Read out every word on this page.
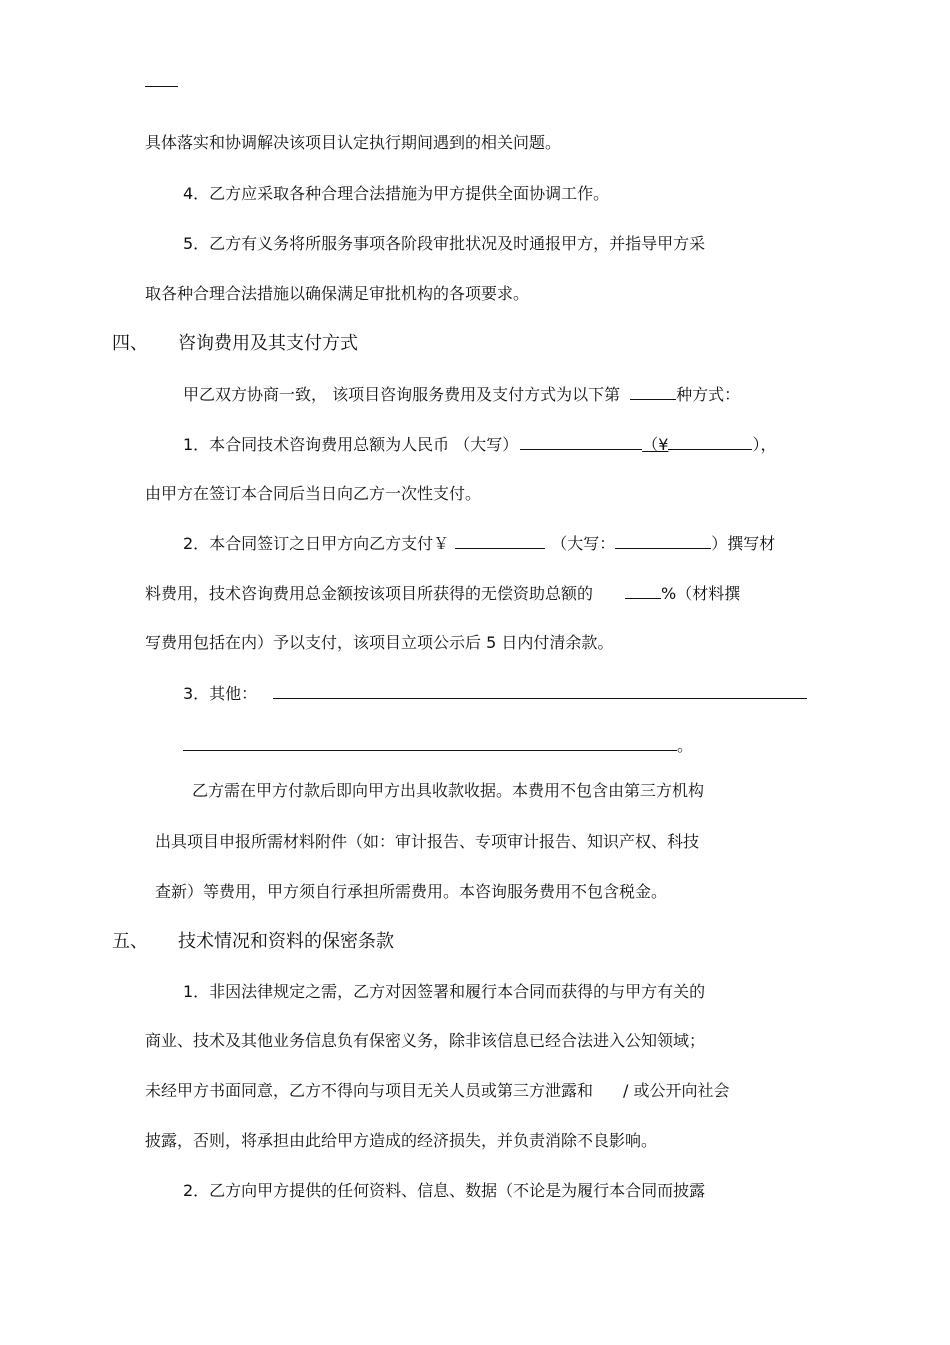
具体落实和协调解决该项目认定执行期间遇到的相关问题。
4．乙方应采取各种合理合法措施为甲方提供全面协调工作。
5．乙方有义务将所服务事项各阶段审批状况及时通报甲方，并指导甲方采
取各种合理合法措施以确保满足审批机构的各项要求。
四、 咨询费用及其支付方式
甲乙双方协商一致， 该项目咨询服务费用及支付方式为以下第	种方式：
1．本合同技术咨询费用总额为人民币 （大写）	（¥	），
由甲方在签订本合同后当日向乙方一次性支付。
2．本合同签订之日甲方向乙方支付￥	（大写：	）撰写材
料费用，技术咨询费用总金额按该项目所获得的无偿资助总额的	%（材料撰
写费用包括在内）予以支付，该项目立项公示后 5 日内付清余款。
3．其他：
。
乙方需在甲方付款后即向甲方出具收款收据。本费用不包含由第三方机构
出具项目申报所需材料附件（如：审计报告、专项审计报告、知识产权、科技
查新）等费用，甲方须自行承担所需费用。本咨询服务费用不包含税金。
五、 技术情况和资料的保密条款
1．非因法律规定之需，乙方对因签署和履行本合同而获得的与甲方有关的
商业、技术及其他业务信息负有保密义务，除非该信息已经合法进入公知领域；
未经甲方书面同意，乙方不得向与项目无关人员或第三方泄露和 / 或公开向社会
披露，否则，将承担由此给甲方造成的经济损失，并负责消除不良影响。
2．乙方向甲方提供的任何资料、信息、数据（不论是为履行本合同而披露
